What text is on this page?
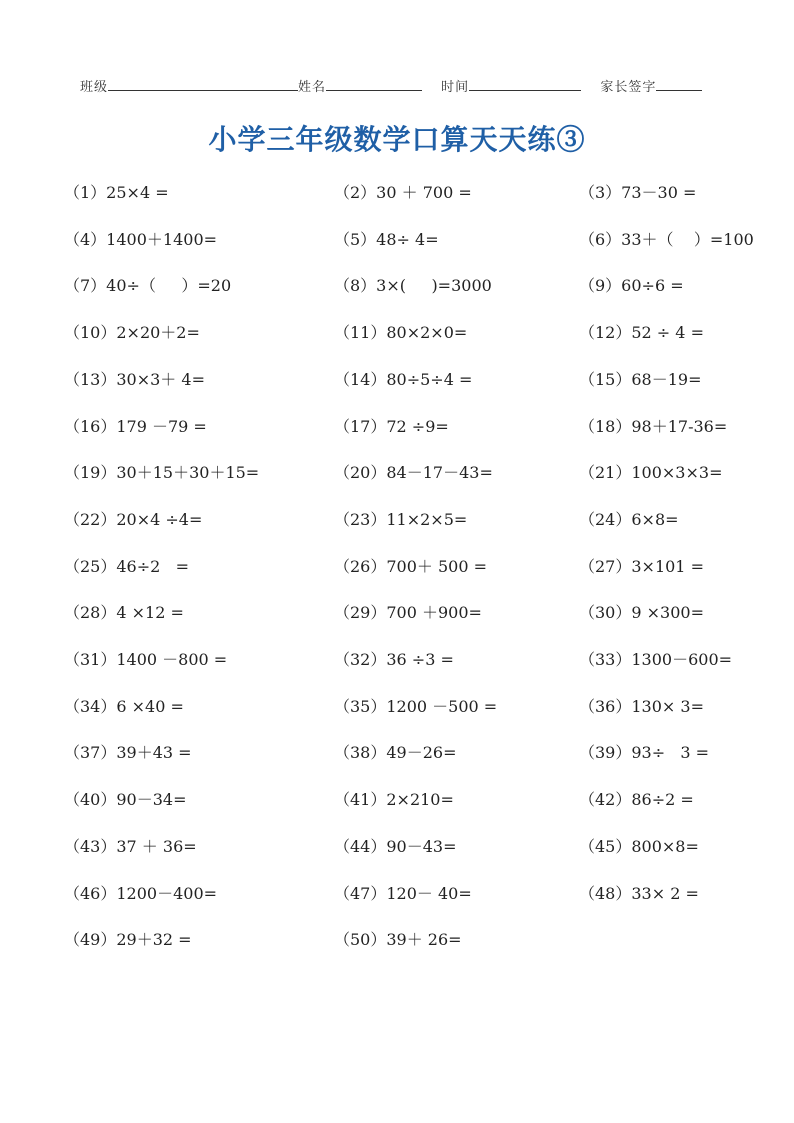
班级	姓名	时间	家长签字
小学三年级数学口算天天练③
（1）25×4 =	（2）30 ＋ 700 =	（3）73－30 =
（4）1400＋1400=	（5）48÷ 4=	（6）33＋（    ）=100
（7）40÷（     ）=20	（8）3×(     )=3000	（9）60÷6 =
（10）2×20＋2=	（11）80×2×0=	（12）52 ÷ 4 =
（13）30×3＋ 4=	（14）80÷5÷4 =	（15）68－19=
（16）179 －79 =	（17）72 ÷9=	（18）98＋17-36=
（19）30＋15＋30＋15=	（20）84－17－43=	（21）100×3×3=
（22）20×4 ÷4=	（23）11×2×5=	（24）6×8=
（25）46÷2   =	（26）700＋ 500 =	（27）3×101 =
（28）4 ×12 =	（29）700 ＋900=	（30）9 ×300=
（31）1400 －800 =	（32）36 ÷3 =	（33）1300－600=
（34）6 ×40 =	（35）1200 －500 =	（36）130× 3=
（37）39＋43 =	（38）49－26=	（39）93÷   3 =
（40）90－34=	（41）2×210=	（42）86÷2 =
（43）37 ＋ 36=	（44）90－43=	（45）800×8=
（46）1200－400=	（47）120－ 40=	（48）33× 2 =
（49）29＋32 =	（50）39＋ 26=
